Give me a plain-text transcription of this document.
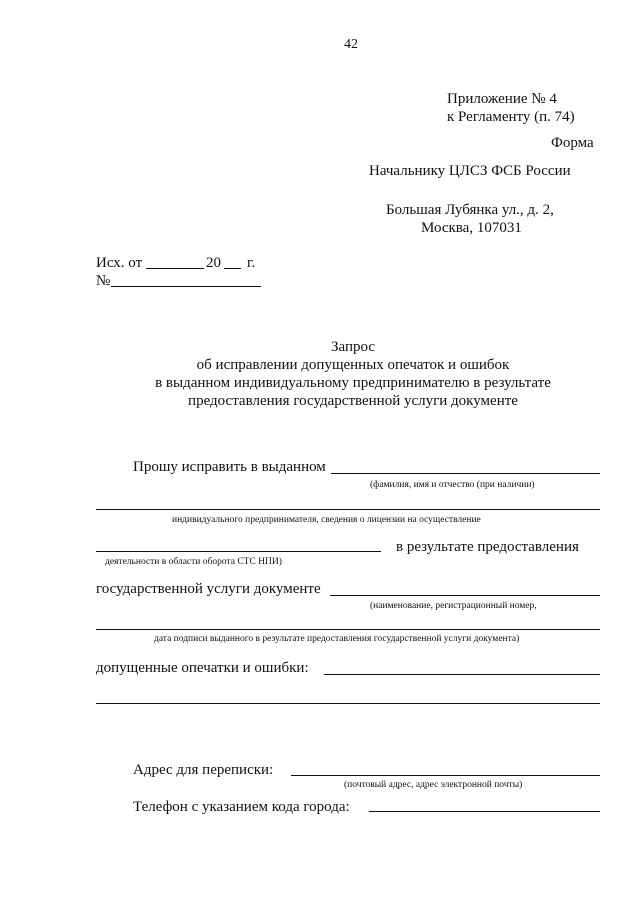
42
Приложение № 4
к Регламенту (п. 74)
Форма
Начальнику ЦЛСЗ ФСБ России
Большая Лубянка ул., д. 2,
Москва, 107031
Исх. от	20 г.
№
Запрос
об исправлении допущенных опечаток и ошибок
в выданном индивидуальному предпринимателю в результате
предоставления государственной услуги документе
Прошу исправить в выданном
(фамилия, имя и отчество (при наличии)
индивидуального предпринимателя, сведения о лицензии на осуществление
в результате предоставления
деятельности в области оборота СТС НПИ)
государственной услуги документе
(наименование, регистрационный номер,
дата подписи выданного в результате предоставления государственной услуги документа)
допущенные опечатки и ошибки:
Адрес для переписки:
(почтовый адрес, адрес электронной почты)
Телефон с указанием кода города:
